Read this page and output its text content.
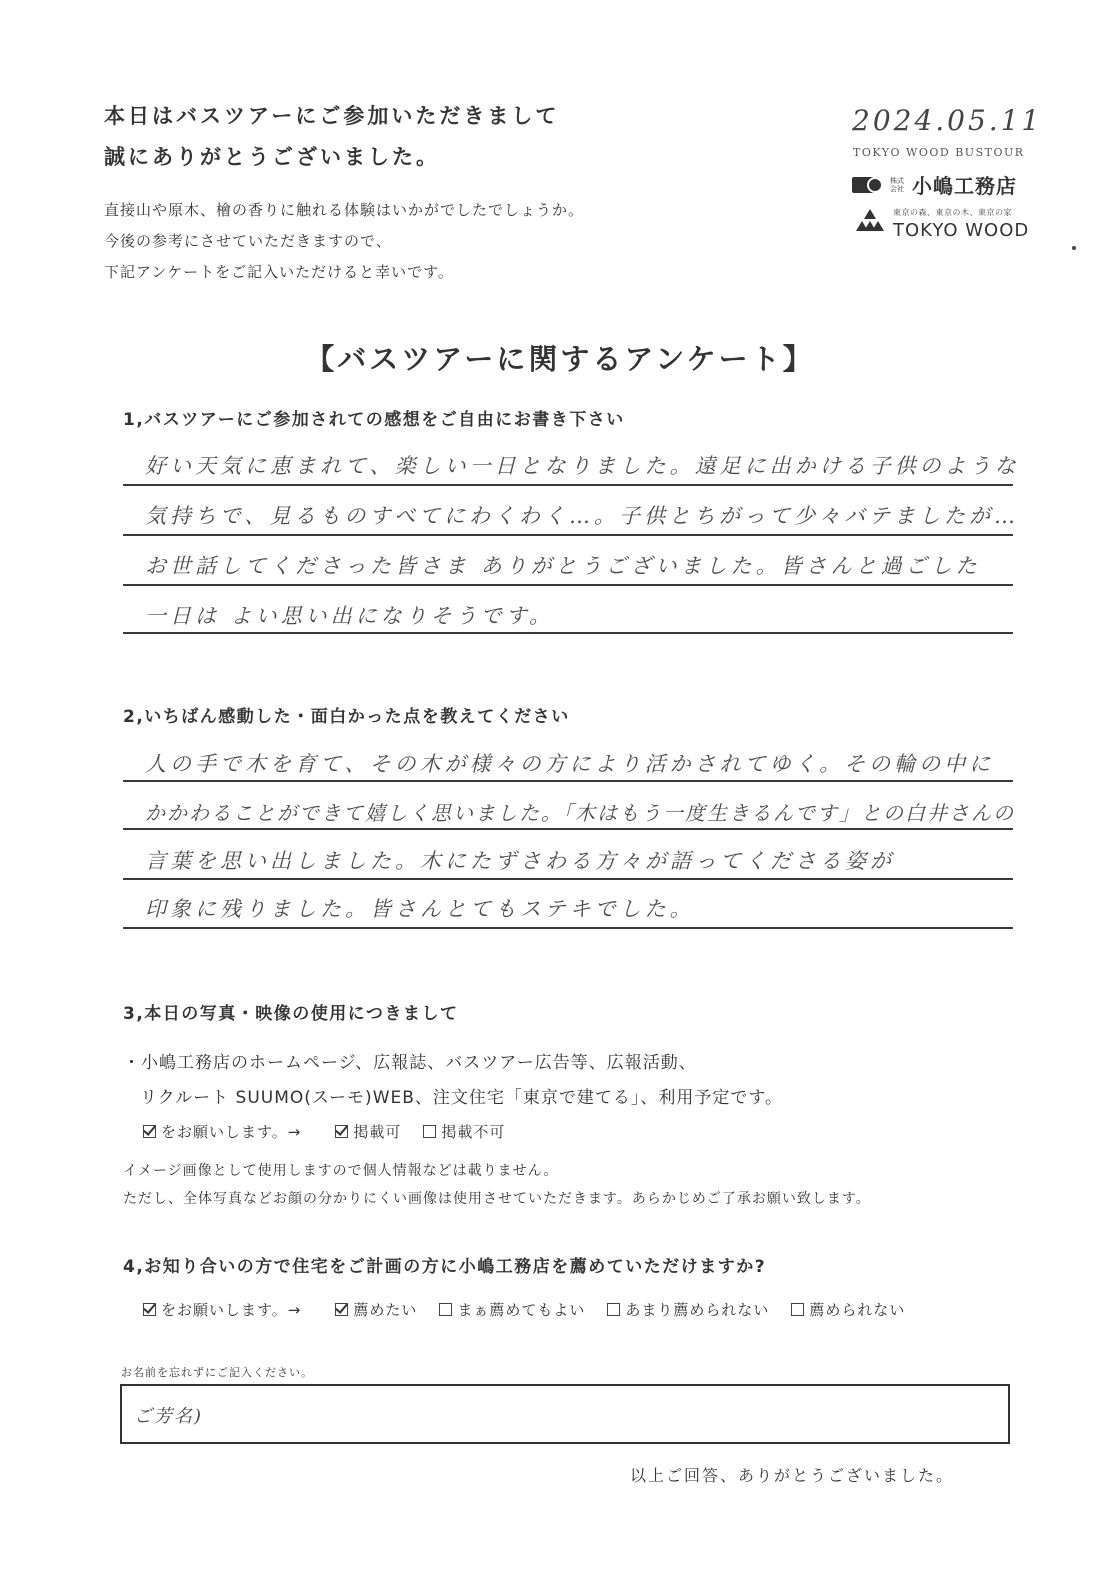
本日はバスツアーにご参加いただきまして
誠にありがとうございました。
直接山や原木、檜の香りに触れる体験はいかがでしたでしょうか。
今後の参考にさせていただきますので、
下記アンケートをご記入いただけると幸いです。
2024.05.11
TOKYO WOOD BUSTOUR
株式会社 小嶋工務店
東京の森、東京の木、東京の家
TOKYO WOOD
【バスツアーに関するアンケート】
1,バスツアーにご参加されての感想をご自由にお書き下さい
好い天気に恵まれて、楽しい一日となりました。遠足に出かける子供のような
気持ちで、見るものすべてにわくわく…。子供とちがって少々バテましたが…
お世話してくださった皆さま ありがとうございました。皆さんと過ごした
一日は よい思い出になりそうです。
2,いちばん感動した・面白かった点を教えてください
人の手で木を育て、その木が様々の方により活かされてゆく。その輪の中に
かかわることができて嬉しく思いました。「木はもう一度生きるんです」との白井さんの
言葉を思い出しました。木にたずさわる方々が語ってくださる姿が
印象に残りました。皆さんとてもステキでした。
3,本日の写真・映像の使用につきまして
・小嶋工務店のホームページ、広報誌、バスツアー広告等、広報活動、
リクルート SUUMO(スーモ)WEB、注文住宅「東京で建てる」、利用予定です。
をお願いします。→	掲載可	掲載不可
イメージ画像として使用しますので個人情報などは載りません。
ただし、全体写真などお顔の分かりにくい画像は使用させていただきます。あらかじめご了承お願い致します。
4,お知り合いの方で住宅をご計画の方に小嶋工務店を薦めていただけますか?
をお願いします。→	薦めたい	まぁ薦めてもよい	あまり薦められない	薦められない
お名前を忘れずにご記入ください。
ご芳名)
以上ご回答、ありがとうございました。
